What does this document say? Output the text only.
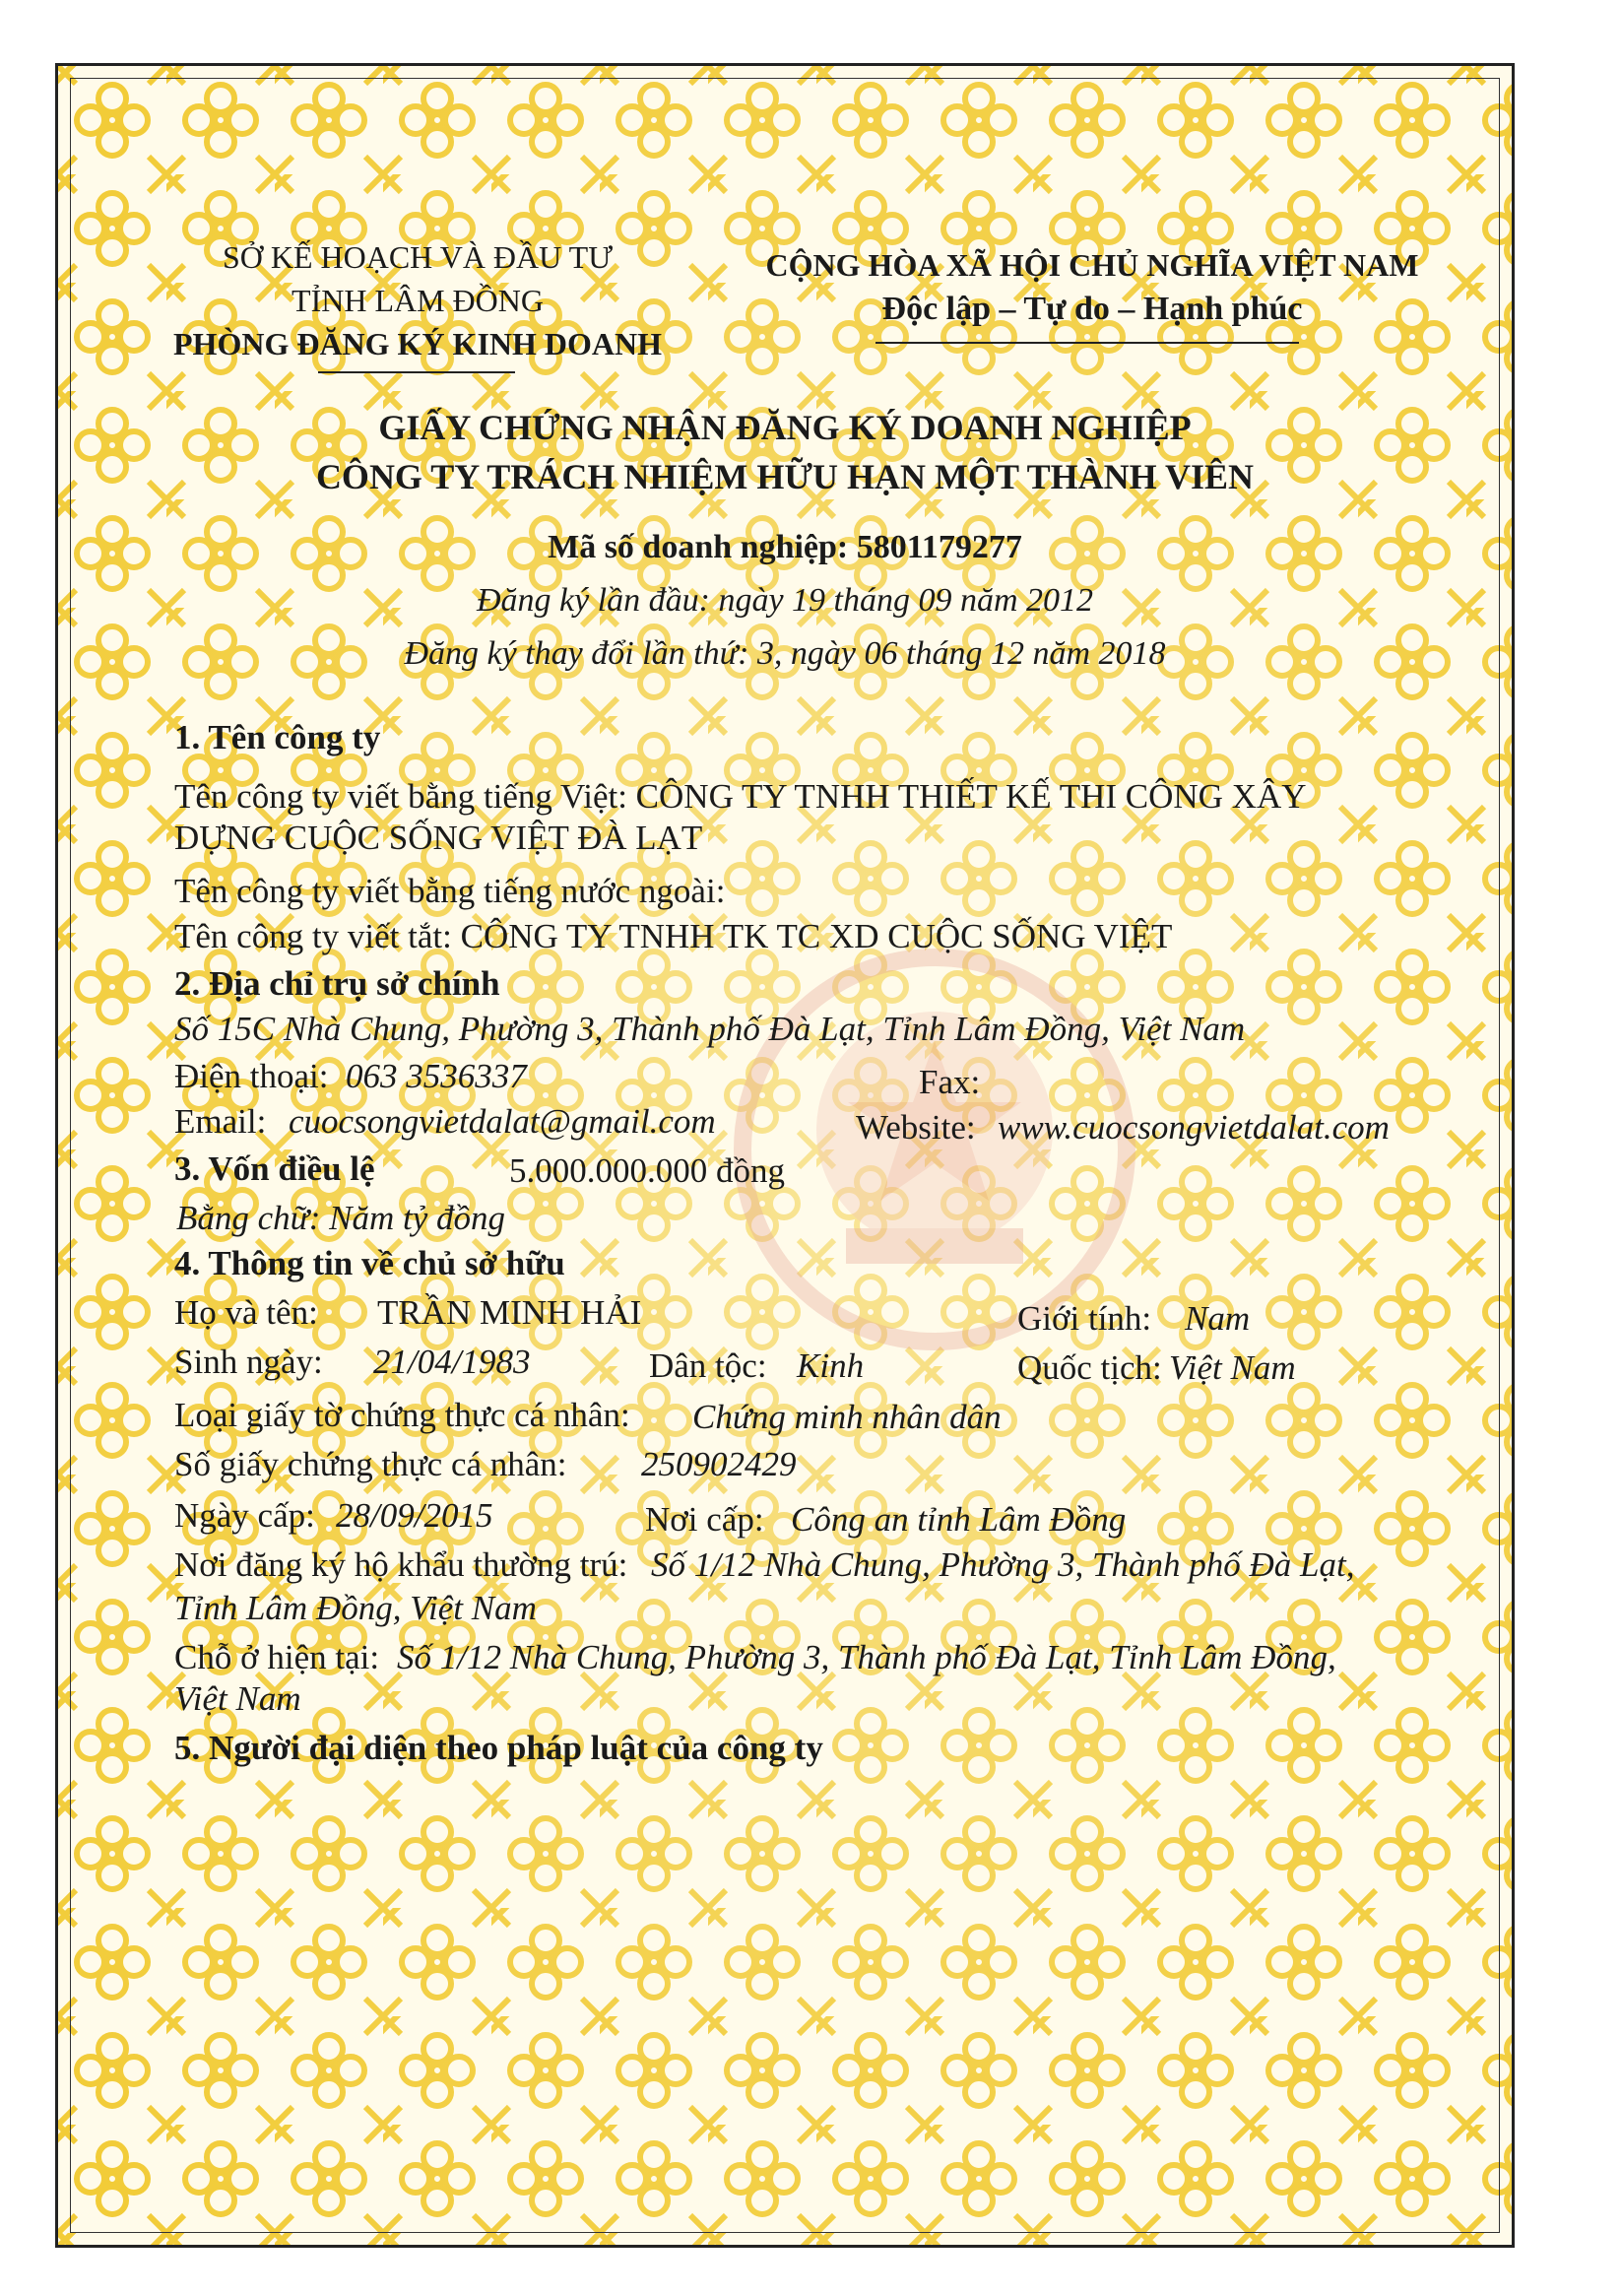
SỞ KẾ HOẠCH VÀ ĐẦU TƯ
TỈNH LÂM ĐỒNG
PHÒNG ĐĂNG KÝ KINH DOANH
CỘNG HÒA XÃ HỘI CHỦ NGHĨA VIỆT NAM
Độc lập – Tự do – Hạnh phúc
GIẤY CHỨNG NHẬN ĐĂNG KÝ DOANH NGHIỆP
CÔNG TY TRÁCH NHIỆM HỮU HẠN MỘT THÀNH VIÊN
Mã số doanh nghiệp: 5801179277
Đăng ký lần đầu: ngày 19 tháng 09 năm 2012
Đăng ký thay đổi lần thứ: 3, ngày 06 tháng 12 năm 2018
1. Tên công ty
Tên công ty viết bằng tiếng Việt: CÔNG TY TNHH THIẾT KẾ THI CÔNG XÂY
DỰNG CUỘC SỐNG VIỆT ĐÀ LẠT
Tên công ty viết bằng tiếng nước ngoài:
Tên công ty viết tắt: CÔNG TY TNHH TK TC XD CUỘC SỐNG VIỆT
2. Địa chỉ trụ sở chính
Số 15C Nhà Chung, Phường 3, Thành phố Đà Lạt, Tỉnh Lâm Đồng, Việt Nam
Điện thoại: 063 3536337	Fax:
Email: cuocsongvietdalat@gmail.com	Website: www.cuocsongvietdalat.com
3. Vốn điều lệ	5.000.000.000 đồng
Bằng chữ: Năm tỷ đồng
4. Thông tin về chủ sở hữu
Họ và tên: TRẦN MINH HẢI	Giới tính: Nam
Sinh ngày: 21/04/1983	Dân tộc: Kinh	Quốc tịch: Việt Nam
Loại giấy tờ chứng thực cá nhân: Chứng minh nhân dân
Số giấy chứng thực cá nhân: 250902429
Ngày cấp: 28/09/2015	Nơi cấp: Công an tỉnh Lâm Đồng
Nơi đăng ký hộ khẩu thường trú: Số 1/12 Nhà Chung, Phường 3, Thành phố Đà Lạt,
Tỉnh Lâm Đồng, Việt Nam
Chỗ ở hiện tại: Số 1/12 Nhà Chung, Phường 3, Thành phố Đà Lạt, Tỉnh Lâm Đồng,
Việt Nam
5. Người đại diện theo pháp luật của công ty
